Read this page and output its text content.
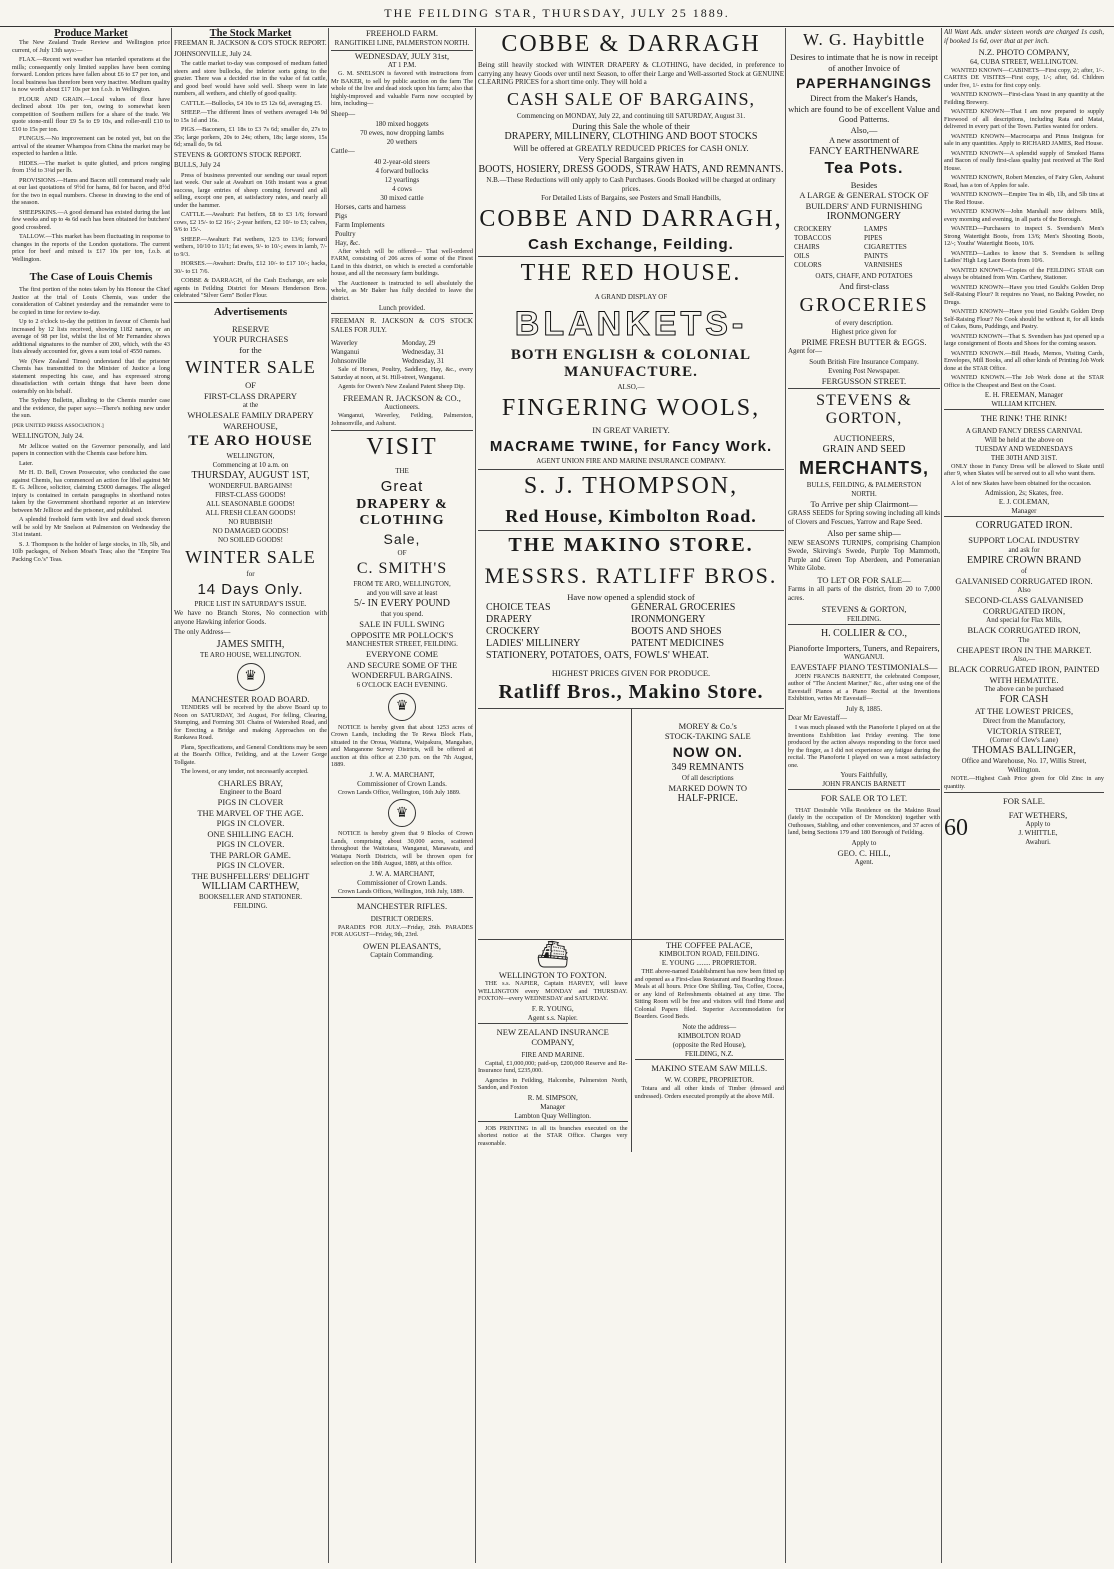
THE FEILDING STAR, THURSDAY, JULY 25 1889.
Produce Market

The New Zealand Trade Review and Wellington price current, of July 13th says:—

FLAX.—Recent wet weather has retarded operations at the mills; consequently only limited supplies have been coming forward. London prices have fallen about £6 to £7 per ton, and local business has therefore been very inactive. Medium quality is now worth about £17 10s per ton f.o.b. in Wellington.

FLOUR AND GRAIN.—Local values of flour have declined about 10s per ton, owing to somewhat keen competition of Southern millers for a share of the trade. We quote stone-mill flour £9 5s to £9 10s, and roller-mill £10 to £10 to 15s per ton.

FUNGUS.—No improvement can be noted yet, but on the arrival of the steamer Whampoa from China the market may be expected to harden a little.

HIDES.—The market is quite glutted, and prices ranging from 1½d to 3¼d per lb.

PROVISIONS.—Hams and Bacon still command ready sale at our last quotations of 9½d for hams, 8d for bacon, and 8½d for the two in equal numbers. Cheese in drawing to the end of the season.

SHEEPSKINS.—A good demand has existed during the last few weeks and up to 4s 6d each has been obtained for butchers' good crossbred.

TALLOW.—This market has been fluctuating in response to changes in the reports of the London quotations. The current price for beef and mixed is £17 10s per ton, f.o.b. at Wellington.

The Case of Louis Chemis

The first portion of the notes taken by his Honour the Chief Justice at the trial of Louis Chemis, was under the consideration of Cabinet yesterday and the remainder were to be copied in time for review to-day.

Up to 2 o'clock to-day the petition in favour of Chemis had increased by 12 lists received, showing 1182 names, or an average of 98 per list, whilst the list of Mr Fernandez shows additional signatures to the number of 200, which, with the 43 lists already accounted for, gives a sum total of 4550 names.

We (New Zealand Times) understand that the prisoner Chemis has transmitted to the Minister of Justice a long statement respecting his case, and has expressed strong dissatisfaction with certain things that have been done ostensibly on his behalf.

The Sydney Bulletin, alluding to the Chemis murder case and the evidence, the paper says:—There's nothing new under the sun.

[PER UNITED PRESS ASSOCIATION.]

WELLINGTON, July 24.

Mr Jellicoe waited on the Governor personally, and laid papers in connection with the Chemis case before him.

Later.

Mr H. D. Bell, Crown Prosecutor, who conducted the case against Chemis, has commenced an action for libel against Mr E. G. Jellicoe, solicitor, claiming £5000 damages. The alleged injury is contained in certain paragraphs in shorthand notes taken by the Government shorthand reporter at an interview between Mr Jellicoe and the prisoner, and published.

A splendid freehold farm with live and dead stock thereon will be sold by Mr Snelson at Palmerston on Wednesday the 31st instant.

S. J. Thompson is the holder of large stocks, in 1lb, 5lb, and 10lb packages, of Nelson Moat's Teas; also the "Empire Tea Packing Co.'s" Teas.

The Stock Market

FREEMAN R. JACKSON & CO'S STOCK REPORT.

JOHNSONVILLE, July 24.

The cattle market to-day was composed of medium fatted steers and store bullocks, the inferior sorts going to the grazier. There was a decided rise in the value of fat cattle, and good beef would have sold well. Sheep were in late numbers, all wethers, and chiefly of good quality.

CATTLE.—Bullocks, £4 10s to £5 12s 6d, averaging £5.

SHEEP.—The different lines of wethers averaged 14s 9d to 15s 1d and 16s.

PIGS.—Baconers, £1 18s to £3 7s 6d; smaller do, 27s to 35s; large porkers, 20s to 24s; others, 18s; large stores, 15s 6d; small do, 9s 6d.

STEVENS & GORTON'S STOCK REPORT.

BULLS, July 24

Press of business prevented our sending our usual report last week. Our sale at Awahuri on 16th instant was a great success, large entries of sheep coming forward and all selling, except one pen, at satisfactory rates, and nearly all under the hammer.

CATTLE.—Awahuri: Fat heifers, £8 to £3 1/6; forward cows, £2 15/- to £2 16/-; 2-year heifers, £2 10/- to £3; calves, 9/6 to 15/-.

SHEEP.—Awahuri: Fat wethers, 12/3 to 13/6; forward wethers, 10/10 to 11/1; fat ewes, 9/- to 10/-; ewes in lamb, 7/- to 9/3.

HORSES.—Awahuri: Drafts, £12 10/- to £17 10/-; hacks, 30/- to £1 7/6.

COBBE & DARRAGH, of the Cash Exchange, are sole agents in Feilding District for Messrs Henderson Bros. celebrated "Silver Gem" Boiler Flour.

Advertisements
RESERVE
YOUR PURCHASES
for the
WINTER SALE
OF
FIRST-CLASS DRAPERY
at the
WHOLESALE FAMILY DRAPERY WAREHOUSE,
TE ARO HOUSE
WELLINGTON,
Commencing at 10 a.m. on
THURSDAY, AUGUST 1ST,
WONDERFUL BARGAINS!
FIRST-CLASS GOODS!
ALL SEASONABLE GOODS!
ALL FRESH CLEAN GOODS!
NO RUBBISH!
NO DAMAGED GOODS!
NO SOILED GOODS!
WINTER SALE
for
14 Days Only.
PRICE LIST IN SATURDAY'S ISSUE.

We have no Branch Stores, No connection with anyone Hawking inferior Goods.

The only Address—

JAMES SMITH,
TE ARO HOUSE, WELLINGTON.
♛
MANCHESTER ROAD BOARD.

TENDERS will be received by the above Board up to Noon on SATURDAY, 3rd August, For felling, Clearing, Stumping, and Forming 301 Chains of Watershed Road, and for Erecting a Bridge and making Approaches on the Rankawa Road.

Plans, Specifications, and General Conditions may be seen at the Board's Office, Feilding, and at the Lower Gorge Tollgate.

The lowest, or any tender, not necessarily accepted.

CHARLES BRAY,
Engineer to the Board
PIGS IN CLOVER
THE MARVEL OF THE AGE.
PIGS IN CLOVER.
ONE SHILLING EACH.
PIGS IN CLOVER.
THE PARLOR GAME.
PIGS IN CLOVER.
THE BUSHFELLERS' DELIGHT
WILLIAM CARTHEW,
BOOKSELLER AND STATIONER.
FEILDING.
FREEHOLD FARM.
RANGITIKEI LINE, PALMERSTON NORTH.
WEDNESDAY, JULY 31st,
AT 1 P.M.

G. M. SNELSON is favored with instructions from Mr BAKER, to sell by public auction on the farm The whole of the live and dead stock upon his farm; also that highly-improved and valuable Farm now occupied by him, including—

Sheep—

180 mixed hoggets
70 ewes, now dropping lambs
20 wethers

Cattle—

40 2-year-old steers
4 forward bullocks
12 yearlings
4 cows
30 mixed cattle
Horses, carts and harness
Pigs
Farm Implements
Poultry
Hay, &c.

After which will be offered— That well-ordered FARM, consisting of 206 acres of some of the Finest Land in this district, on which is erected a comfortable house, and all the necessary farm buildings.

The Auctioneer is instructed to sell absolutely the whole, as Mr Baker has fully decided to leave the district.

Lunch provided.

FREEMAN R. JACKSON & CO'S STOCK SALES FOR JULY.

Waverley	Monday, 29
Wanganui	Wednesday, 31
Johnsonville	Wednesday, 31

Sale of Horses, Poultry, Saddlery, Hay, &c., every Saturday at noon, at St. Hill-street, Wanganui.

Agents for Owen's New Zealand Patent Sheep Dip.

FREEMAN R. JACKSON & CO.,
Auctioneers.

Wanganui, Waverley, Feilding, Palmerston, Johnsonville, and Ashurst.

VISIT
THE
Great
DRAPERY & CLOTHING
Sale,
OF
C. SMITH'S
FROM TE ARO, WELLINGTON,
and you will save at least
5/- IN EVERY POUND
that you spend.
SALE IN FULL SWING
OPPOSITE MR POLLOCK'S
MANCHESTER STREET, FEILDING.
EVERYONE COME
AND SECURE SOME OF THE
WONDERFUL BARGAINS.
6 O'CLOCK EACH EVENING.
♛

NOTICE is hereby given that about 1253 acres of Crown Lands, including the Te Rewa Block Flats, situated in the Oroua, Waituna, Waipakura, Mangahao, and Manganone Survey Districts, will be offered at auction at this office at 2.30 p.m. on the 7th August, 1889.

J. W. A. MARCHANT,
Commissioner of Crown Lands.

Crown Lands Office, Wellington, 16th July 1889.

♛

NOTICE is hereby given that 9 Blocks of Crown Lands, comprising about 30,000 acres, scattered throughout the Waitotara, Wanganui, Manawatu, and Waitapu North Districts, will be thrown open for selection on the 18th August, 1889, at this office.

J. W. A. MARCHANT,
Commissioner of Crown Lands.

Crown Lands Offices, Wellington, 16th July, 1889.

MANCHESTER RIFLES.
DISTRICT ORDERS.

PARADES FOR JULY.—Friday, 26th. PARADES FOR AUGUST—Friday, 9th, 23rd.

OWEN PLEASANTS,
Captain Commanding.
COBBE & DARRAGH

Being still heavily stocked with WINTER DRAPERY & CLOTHING, have decided, in preference to carrying any heavy Goods over until next Season, to offer their Large and Well-assorted Stock at GENUINE CLEARING PRICES for a short time only. They will hold a

CASH SALE OF BARGAINS,
Commencing on MONDAY, July 22, and continuing till SATURDAY, August 31.
During this Sale the whole of their
DRAPERY, MILLINERY, CLOTHING AND BOOT STOCKS
Will be offered at GREATLY REDUCED PRICES for CASH ONLY.
Very Special Bargains given in
BOOTS, HOSIERY, DRESS GOODS, STRAW HATS, AND REMNANTS.
N.B.—These Reductions will only apply to Cash Purchases. Goods Booked will be charged at ordinary prices.
For Detailed Lists of Bargains, see Posters and Small Handbills,
COBBE AND DARRAGH,
Cash Exchange, Feilding.
THE RED HOUSE.
A GRAND DISPLAY OF
BLANKETS-
BOTH ENGLISH & COLONIAL MANUFACTURE.
ALSO,—
FINGERING WOOLS,
IN GREAT VARIETY.
MACRAME TWINE, for Fancy Work.
AGENT UNION FIRE AND MARINE INSURANCE COMPANY.
S. J. THOMPSON,
Red House, Kimbolton Road.
THE MAKINO STORE.
MESSRS. RATLIFF BROS.
Have now opened a splendid stock of
CHOICE TEAS	GENERAL GROCERIES
DRAPERY	IRONMONGERY
CROCKERY	BOOTS AND SHOES
LADIES' MILLINERY	PATENT MEDICINES
STATIONERY, POTATOES, OATS, FOWLS' WHEAT.
HIGHEST PRICES GIVEN FOR PRODUCE.
Ratliff Bros., Makino Store.
MOREY & Co.'s
STOCK-TAKING SALE
NOW ON.
349 REMNANTS
Of all descriptions
MARKED DOWN TO
HALF-PRICE.
⛴
WELLINGTON TO FOXTON.

THE s.s. NAPIER, Captain HARVEY, will leave WELLINGTON every MONDAY and THURSDAY. FOXTON—every WEDNESDAY and SATURDAY.

F. R. YOUNG,
Agent s.s. Napier.
NEW ZEALAND INSURANCE COMPANY,
FIRE AND MARINE.

Capital, £1,000,000; paid-up, £200,000 Reserve and Re-Insurance fund, £235,000.

Agencies in Feilding, Halcombe, Palmerston North, Sandon, and Foxton

R. M. SIMPSON,
Manager
Lambton Quay Wellington.

JOB PRINTING in all its branches executed on the shortest notice at the STAR Office. Charges very reasonable.

THE COFFEE PALACE,
KIMBOLTON ROAD, FEILDING.
E. YOUNG ........ PROPRIETOR.

THE above-named Establishment has now been fitted up and opened as a First-class Restaurant and Boarding House. Meals at all hours. Price One Shilling. Tea, Coffee, Cocoa, or any kind of Refreshments obtained at any time. The Sitting Room will be free and visitors will find Home and Colonial Papers filed. Superior Accommodation for Boarders. Good Beds.

Note the address—
KIMBOLTON ROAD
(opposite the Red House),
FEILDING, N.Z.
MAKINO STEAM SAW MILLS.
W. W. CORPE, PROPRIETOR.

Totara and all other kinds of Timber (dressed and undressed). Orders executed promptly at the above Mill.

W. G. Haybittle
Desires to intimate that he is now in receipt of another Invoice of
PAPERHANGINGS
Direct from the Maker's Hands,
which are found to be of excellent Value and Good Patterns.
Also,—
A new assortment of
FANCY EARTHENWARE
Tea Pots.
Besides
A LARGE & GENERAL STOCK OF BUILDERS' AND FURNISHING
IRONMONGERY
CROCKERY	LAMPS
TOBACCOS	PIPES
CHAIRS	CIGARETTES
OILS	PAINTS
COLORS	VARNISHES
OATS, CHAFF, AND POTATOES
And first-class
GROCERIES
of every description.
Highest price given for
PRIME FRESH BUTTER & EGGS.

Agent for—

South British Fire Insurance Company.
Evening Post Newspaper.
FERGUSSON STREET.
STEVENS & GORTON,
AUCTIONEERS,
GRAIN AND SEED
MERCHANTS,
BULLS, FEILDING, & PALMERSTON
NORTH.
To Arrive per ship Clairmont—

GRASS SEEDS for Spring sowing including all kinds of Clovers and Fescues, Yarrow and Rape Seed.

Also per same ship—

NEW SEASON'S TURNIPS, comprising Champion Swede, Skirving's Swede, Purple Top Mammoth, Purple and Green Top Aberdeen, and Pomeranian White Globe.

TO LET OR FOR SALE—

Farms in all parts of the district, from 20 to 7,000 acres.

STEVENS & GORTON,
FEILDING.
H. COLLIER & CO.,
Pianoforte Importers, Tuners, and Repairers,
WANGANUI.
EAVESTAFF PIANO TESTIMONIALS—

JOHN FRANCIS BARNETT, the celebrated Composer, author of "The Ancient Mariner," &c., after using one of the Eavestaff Pianos at a Piano Recital at the Inventions Exhibition, writes Mr Eavestaff—

July 8, 1885.

Dear Mr Eavestaff—

I was much pleased with the Pianoforte I played on at the Inventions Exhibition last Friday evening. The tone produced by the action always responding to the force used by the finger, as I did not experience any fatigue during the recital. The Pianoforte I played on was a most satisfactory one.

Yours Faithfully,
JOHN FRANCIS BARNETT
FOR SALE OR TO LET.

THAT Desirable Villa Residence on the Makino Road (lately in the occupation of Dr Monckton) together with Outhouses, Stabling, and other conveniences, and 37 acres of land, being Sections 179 and 180 Borough of Feilding.

Apply to
GEO. C. HILL,
Agent.

All Want Ads. under sixteen words are charged 1s cash, if booked 1s 6d, over that at per inch.

N.Z. PHOTO COMPANY,
64, CUBA STREET, WELLINGTON.

WANTED KNOWN—CABINETS—First copy, 2/; after, 1/-. CARTES DE VISITES—First copy, 1/-; after, 6d. Children under five, 1/- extra for first copy only.

WANTED KNOWN—First-class Yeast in any quantity at the Feilding Brewery.

WANTED KNOWN—That I am now prepared to supply Firewood of all descriptions, including Rata and Matai, delivered in every part of the Town. Parties wanted for orders.

WANTED KNOWN—Macrocarpa and Pinus Insignus for sale in any quantities. Apply to RICHARD JAMES, Red House.

WANTED KNOWN—A splendid supply of Smoked Hams and Bacon of really first-class quality just received at The Red House.

WANTED KNOWN, Robert Menzies, of Fairy Glen, Ashurst Road, has a ton of Apples for sale.

WANTED KNOWN—Empire Tea in 4lb, 1lb, and 5lb tins at The Red House.

WANTED KNOWN—John Marshall now delivers Milk, every morning and evening, in all parts of the Borough.

WANTED—Purchasers to inspect S. Svendsen's Men's Strong Watertight Boots, from 13/6; Men's Shooting Boots, 12/-; Youths' Watertight Boots, 10/6.

WANTED—Ladies to know that S. Svendsen is selling Ladies' High Leg Lace Boots from 10/6.

WANTED KNOWN—Copies of the FEILDING STAR can always be obtained from Wm. Carthew, Stationer.

WANTED KNOWN—Have you tried Gould's Golden Drop Self-Raising Flour? It requires no Yeast, no Baking Powder, no Drugs.

WANTED KNOWN—Have you tried Gould's Golden Drop Self-Raising Flour? No Cook should be without it, for all kinds of Cakes, Buns, Puddings, and Pastry.

WANTED KNOWN—That S. Svendsen has just opened up a large consignment of Boots and Shoes for the coming season.

WANTED KNOWN.—Bill Heads, Memos, Visiting Cards, Envelopes, Mill Books, and all other kinds of Printing Job Work done at the STAR Office.

WANTED KNOWN.—The Job Work done at the STAR Office is the Cheapest and Best on the Coast.

E. H. FREEMAN, Manager
WILLIAM KITCHEN.
THE RINK! THE RINK!
A GRAND FANCY DRESS CARNIVAL
Will be held at the above on
TUESDAY AND WEDNESDAYS
THE 30TH AND 31ST.

ONLY those in Fancy Dress will be allowed to Skate until after 9, when Skates will be served out to all who want them.

A lot of new Skates have been obtained for the occasion.

Admission, 2s; Skates, free.
E. J. COLEMAN,
Manager
CORRUGATED IRON.
SUPPORT LOCAL INDUSTRY
and ask for
EMPIRE CROWN BRAND
of
GALVANISED CORRUGATED IRON.
Also
SECOND-CLASS GALVANISED CORRUGATED IRON,
And special for Flax Mills,
BLACK CORRUGATED IRON,
The
CHEAPEST IRON IN THE MARKET.
Also,—
BLACK CORRUGATED IRON, PAINTED WITH HEMATITE.
The above can be purchased
FOR CASH
AT THE LOWEST PRICES,
Direct from the Manufactory,
VICTORIA STREET,
(Corner of Clew's Lane)
THOMAS BALLINGER,
Office and Warehouse, No. 17, Willis Street,
Wellington.

NOTE.—Highest Cash Price given for Old Zinc in any quantity.

FOR SALE.
60
FAT WETHERS,
Apply to
J. WHITTLE,
Awahuri.
